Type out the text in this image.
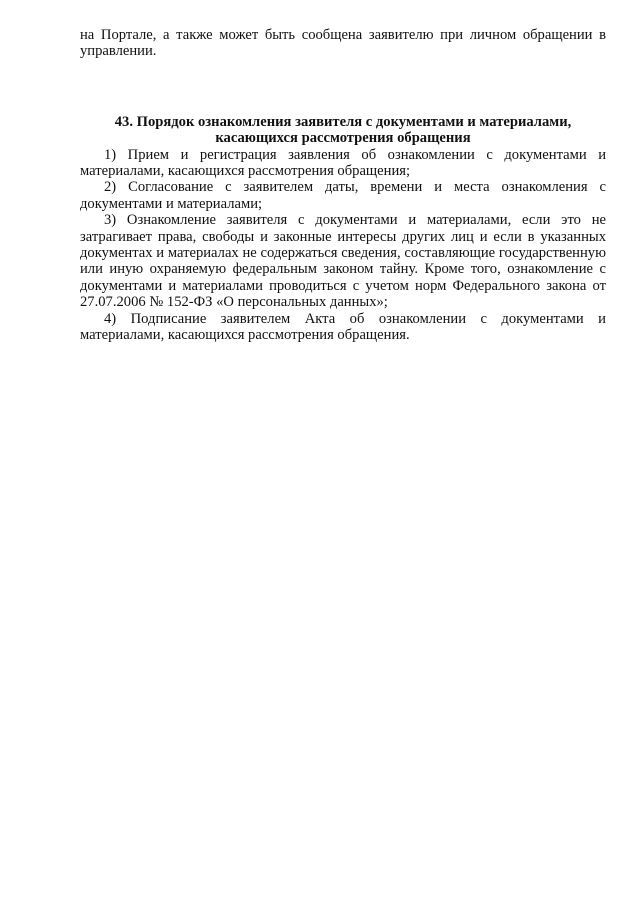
на Портале, а также может быть сообщена заявителю при личном обращении в управлении.

43. Порядок ознакомления заявителя с документами и материалами,
касающихся рассмотрения обращения

1) Прием и регистрация заявления об ознакомлении с документами и материалами, касающихся рассмотрения обращения;

2) Согласование с заявителем даты, времени и места ознакомления с документами и материалами;

3) Ознакомление заявителя с документами и материалами, если это не затрагивает права, свободы и законные интересы других лиц и если в указанных документах и материалах не содержаться сведения, составляющие государственную или иную охраняемую федеральным законом тайну. Кроме того, ознакомление с документами и материалами проводиться с учетом норм Федерального закона от 27.07.2006 № 152-ФЗ «О персональных данных»;

4) Подписание заявителем Акта об ознакомлении с документами и материалами, касающихся рассмотрения обращения.
